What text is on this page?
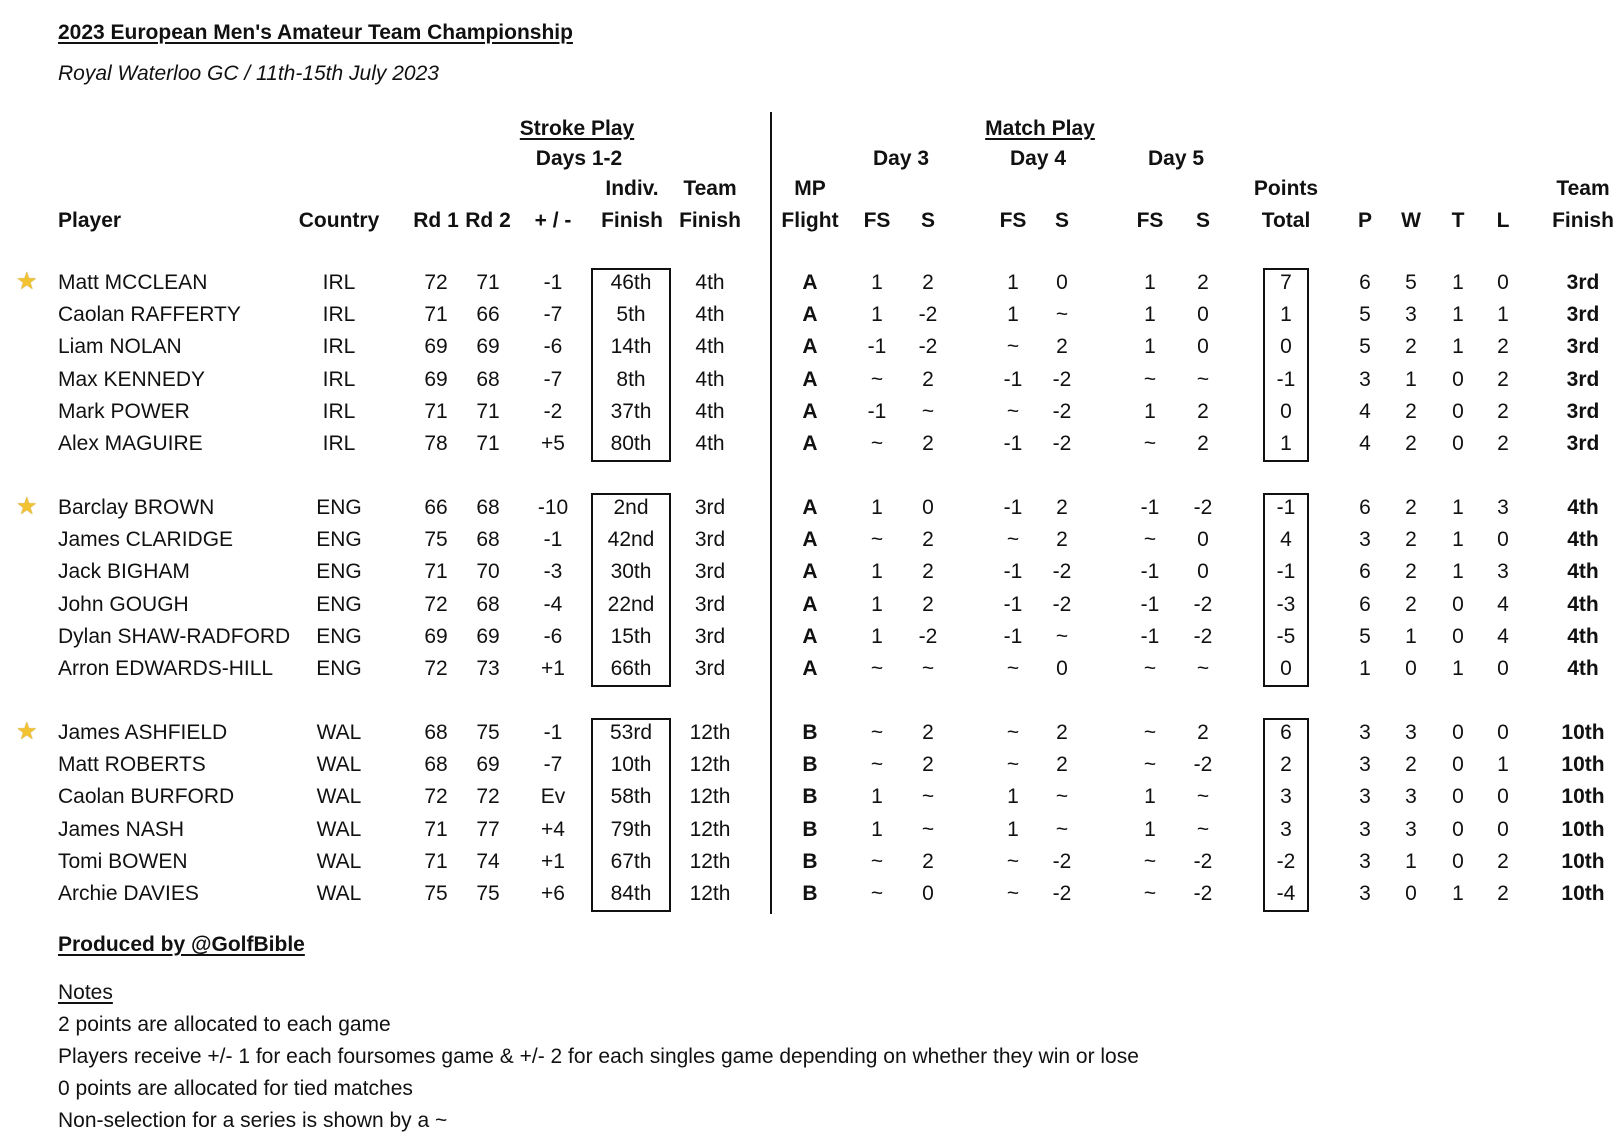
2023 European Men's Amateur Team Championship
Royal Waterloo GC / 11th-15th July 2023
Stroke Play
Days 1-2
Match Play
Day 3	Day 4	Day 5
Indiv. Team	MP	Points	Team
Player	Country Rd 1 Rd 2 + / - Finish Finish Flight FS S	FS S	FS S Total P W T L Finish
★
★
★
Matt MCCLEAN	IRL	72 71 -1 46th 4th	A	1 2	1 0	1 2	7	6 5 1 0	3rd
Caolan RAFFERTY	IRL	71 66 -7	5th 4th	A	1 -2	1 ~	1 0	1	5 3 1 1	3rd
Liam NOLAN	IRL	69 69 -6 14th 4th	A -1 -2	~ 2	1 0	0	5 2 1 2	3rd
Max KENNEDY	IRL	69 68 -7	8th 4th	A	~ 2	-1 -2	~ ~	-1	3 1 0 2	3rd
Mark POWER	IRL	71 71 -2 37th 4th	A -1 ~	~ -2	1 2	0	4 2 0 2	3rd
Alex MAGUIRE	IRL	78 71 +5 80th 4th	A	~ 2	-1 -2	~ 2	1	4 2 0 2	3rd
Barclay BROWN	ENG	66 68 -10 2nd 3rd	A	1 0	-1 2	-1 -2	-1	6 2 1 3	4th
James CLARIDGE	ENG	75 68 -1 42nd 3rd	A	~ 2	~ 2	~ 0	4	3 2 1 0	4th
Jack BIGHAM	ENG	71 70 -3 30th 3rd	A	1 2	-1 -2	-1 0	-1	6 2 1 3	4th
John GOUGH	ENG	72 68 -4 22nd 3rd	A	1 2	-1 -2	-1 -2	-3	6 2 0 4	4th
Dylan SHAW-RADFORD ENG	69 69 -6 15th 3rd	A	1 -2	-1 ~	-1 -2	-5	5 1 0 4	4th
Arron EDWARDS-HILL ENG	72 73 +1 66th 3rd	A	~ ~	~ 0	~ ~	0	1 0 1 0	4th
James ASHFIELD	WAL	68 75 -1 53rd 12th	B	~ 2	~ 2	~ 2	6	3 3 0 0	10th
Matt ROBERTS	WAL	68 69 -7 10th 12th	B	~ 2	~ 2	~ -2	2	3 2 0 1	10th
Caolan BURFORD	WAL	72 72 Ev 58th 12th	B	1 ~	1 ~	1 ~	3	3 3 0 0	10th
James NASH	WAL	71 77 +4 79th 12th	B	1 ~	1 ~	1 ~	3	3 3 0 0	10th
Tomi BOWEN	WAL	71 74 +1 67th 12th	B	~ 2	~ -2	~ -2	-2	3 1 0 2	10th
Archie DAVIES	WAL	75 75 +6 84th 12th	B	~ 0	~ -2	~ -2	-4	3 0 1 2	10th
Produced by @GolfBible
Notes
2 points are allocated to each game
Players receive +/- 1 for each foursomes game & +/- 2 for each singles game depending on whether they win or lose
0 points are allocated for tied matches
Non-selection for a series is shown by a ~
